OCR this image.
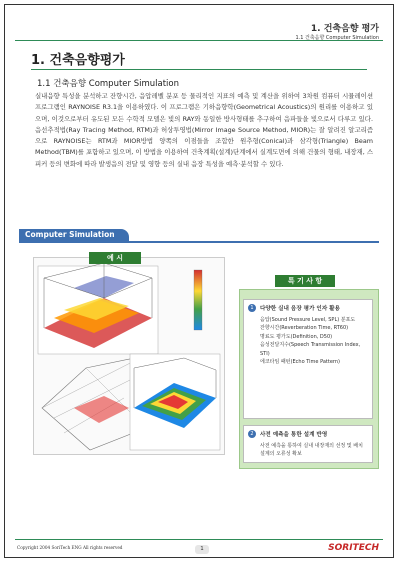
1. 건축음향 평가
1.1 건축음향 Computer Simulation
1. 건축음향평가
1.1 건축음향 Computer Simulation
실내음향 특성을 분석하고 잔향시간, 음압레벨 분포 등 물리적인 지표의 예측 및 계산을 위하여 3차원 컴퓨터 시뮬레이션 프로그램인 RAYNOISE R3.1을 이용하였다. 이 프로그램은 기하음향학(Geometrical Acoustics)의 원리를 이용하고 있으며, 이것으로부터 유도된 모든 수학적 모델은 빛의 RAY와 동일한 방사형태를 추구하여 음파들을 빛으로서 다루고 있다. 음선추적법(Ray Tracing Method, RTM)과 허상투영법(Mirror Image Source Method, MIOR)는 잘 알려진 알고리즘으로 RAYNOISE는 RTM과 MIOR방법 양쪽의 이점들을 조합한 원추형(Conical)과 삼각형(Triangle) Beam Method(TBM)를 포함하고 있으며, 이 방법을 이용하여 건축계획(설계)단계에서 실계도면에 의해 건물의 형태, 내장재, 스피커 등의 변화에 따라 발생음의 전달 및 영향 등의 실내 음장 특성을 예측·분석할 수 있다.
Computer Simulation
예 시
특 기 사 항
1	다양한 실내 음장 평가 인자 활용
음압(Sound Pressure Level, SPL) 분포도
잔향시간(Reverberation Time, RT60)
명료도 평가도(Definition, D50)
음성전달지수(Speech Transmission Index, STI)
에코타임 패턴(Echo Time Pattern)
2	사전 예측을 통한 설계 반영
사전 예측을 통하여 실내 내장재의 선정 및 배치
설계의 오류성 확보
Copyright 2004 SoriTech ENG All rights reserved	1	SORITECH
